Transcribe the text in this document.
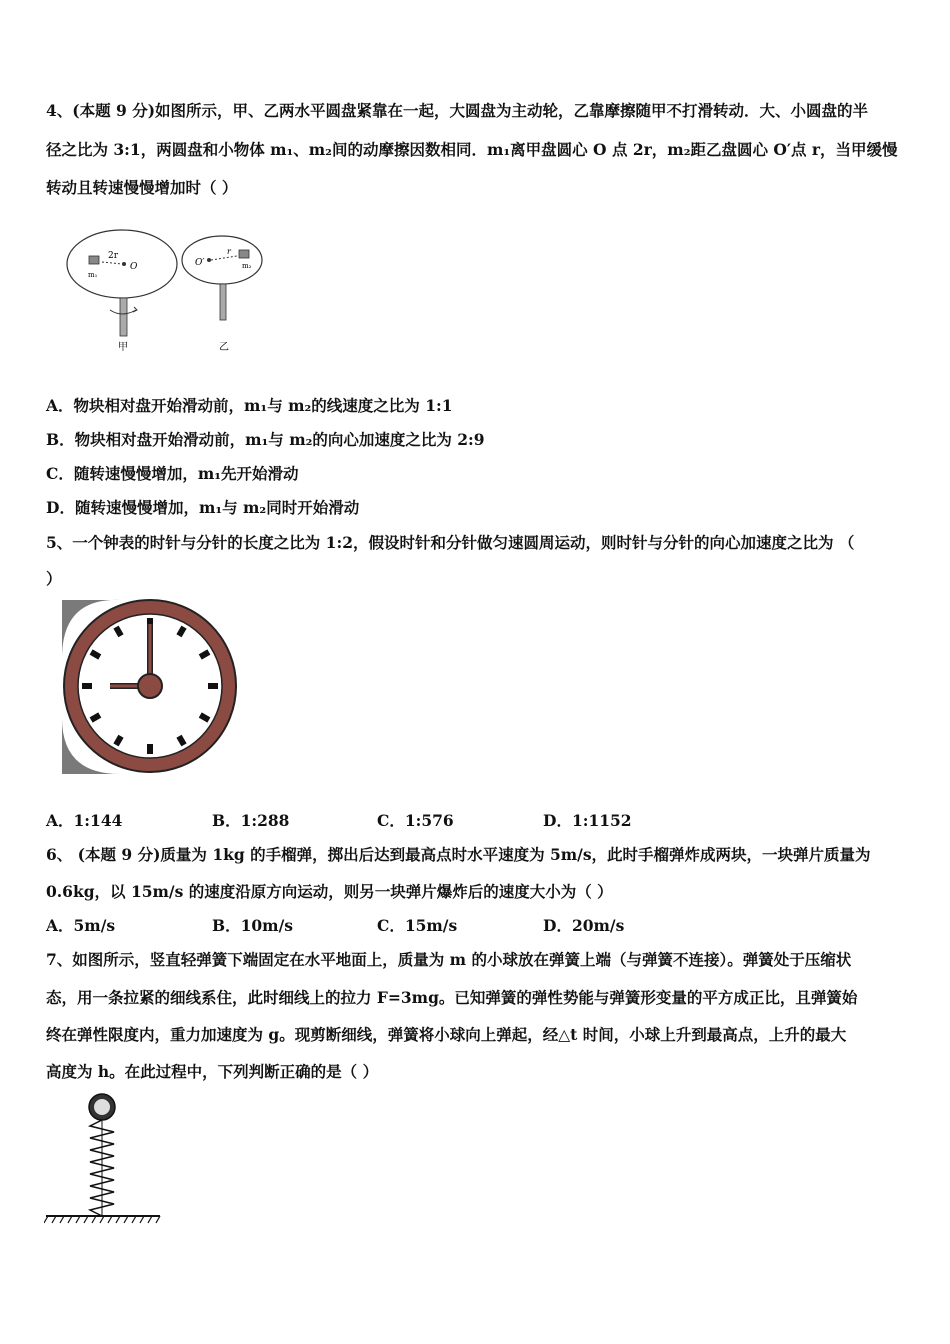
4、(本题 9 分)如图所示，甲、乙两水平圆盘紧靠在一起，大圆盘为主动轮，乙靠摩擦随甲不打滑转动．大、小圆盘的半
径之比为 3:1，两圆盘和小物体 m₁、m₂间的动摩擦因数相同．m₁离甲盘圆心 O 点 2r，m₂距乙盘圆心 O′点 r，当甲缓慢
转动且转速慢慢增加时（ ）
2r
O
m₁
甲
O′
r
m₂
乙
A．物块相对盘开始滑动前，m₁与 m₂的线速度之比为 1:1
B．物块相对盘开始滑动前，m₁与 m₂的向心加速度之比为 2:9
C．随转速慢慢增加，m₁先开始滑动
D．随转速慢慢增加，m₁与 m₂同时开始滑动
5、一个钟表的时针与分针的长度之比为 1:2，假设时针和分针做匀速圆周运动，则时针与分针的向心加速度之比为 （
）
A．1:144	B．1:288	C．1:576	D．1:1152
6、 (本题 9 分)质量为 1kg 的手榴弹，掷出后达到最高点时水平速度为 5m/s，此时手榴弹炸成两块，一块弹片质量为
0.6kg，以 15m/s 的速度沿原方向运动，则另一块弹片爆炸后的速度大小为（ ）
A．5m/s	B．10m/s	C．15m/s	D．20m/s
7、如图所示，竖直轻弹簧下端固定在水平地面上，质量为 m 的小球放在弹簧上端（与弹簧不连接）。弹簧处于压缩状
态，用一条拉紧的细线系住，此时细线上的拉力 F=3mg。已知弹簧的弹性势能与弹簧形变量的平方成正比，且弹簧始
终在弹性限度内，重力加速度为 g。现剪断细线，弹簧将小球向上弹起，经△t 时间，小球上升到最高点，上升的最大
高度为 h。在此过程中，下列判断正确的是（ ）
